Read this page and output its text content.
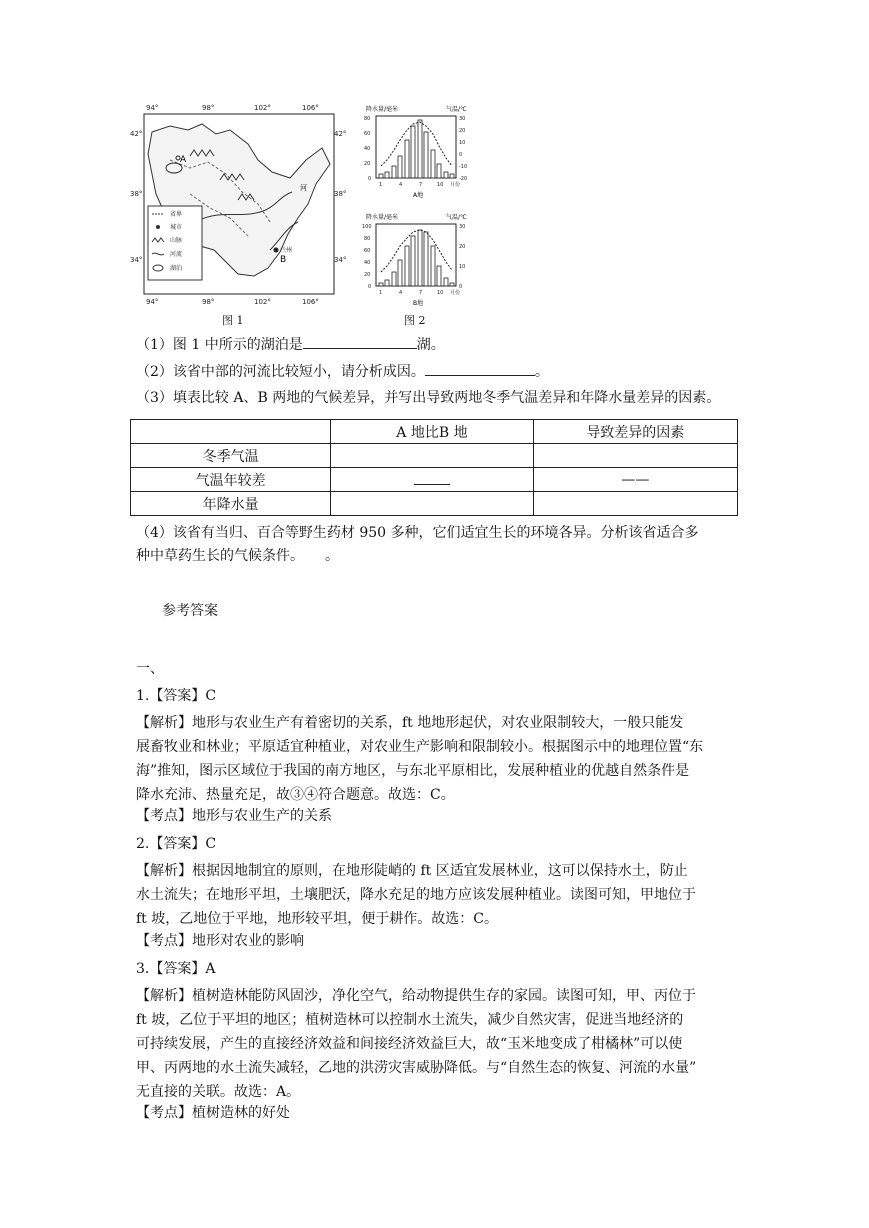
省界
城市
山脉
河流
湖泊
A
B
兰州
河
94°	98°	102°	106°
94°	98°	102°	106°
42°
38°
34°
42°
38°
34°
图 1
降水量/毫米	气温/℃
80
60
40
20
0
30
20
10
0
-10
-20
1	4	7	10 月份
A地

降水量/毫米	气温/℃
100
80
60
40
20
0
30
20
10
0
1	4	7	10 月份
B地
图 2
（1）图 1 中所示的湖泊是	湖。
（2）该省中部的河流比较短小，请分析成因。	。
（3）填表比较 A、B 两地的气候差异，并写出导致两地冬季气温差异和年降水量差异的因素。
	A 地比B 地	导致差异的因素
冬季气温		
气温年较差		——
年降水量		
（4）该省有当归、百合等野生药材 950 多种，它们适宜生长的环境各异。分析该省适合多
种中草药生长的气候条件。　　。
参考答案
一、
1.【答案】C
【解析】地形与农业生产有着密切的关系，ft 地地形起伏，对农业限制较大，一般只能发
展畜牧业和林业；平原适宜种植业，对农业生产影响和限制较小。根据图示中的地理位置“东
海”推知，图示区域位于我国的南方地区，与东北平原相比，发展种植业的优越自然条件是
降水充沛、热量充足，故③④符合题意。故选：C。
【考点】地形与农业生产的关系
2.【答案】C
【解析】根据因地制宜的原则，在地形陡峭的 ft 区适宜发展林业，这可以保持水土，防止
水土流失；在地形平坦，土壤肥沃，降水充足的地方应该发展种植业。读图可知，甲地位于
ft 坡，乙地位于平地，地形较平坦，便于耕作。故选：C。
【考点】地形对农业的影响
3.【答案】A
【解析】植树造林能防风固沙，净化空气，给动物提供生存的家园。读图可知，甲、丙位于
ft 坡，乙位于平坦的地区；植树造林可以控制水土流失，减少自然灾害，促进当地经济的
可持续发展，产生的直接经济效益和间接经济效益巨大，故“玉米地变成了柑橘林”可以使
甲、丙两地的水土流失减轻，乙地的洪涝灾害威胁降低。与“自然生态的恢复、河流的水量”
无直接的关联。故选：A。
【考点】植树造林的好处
